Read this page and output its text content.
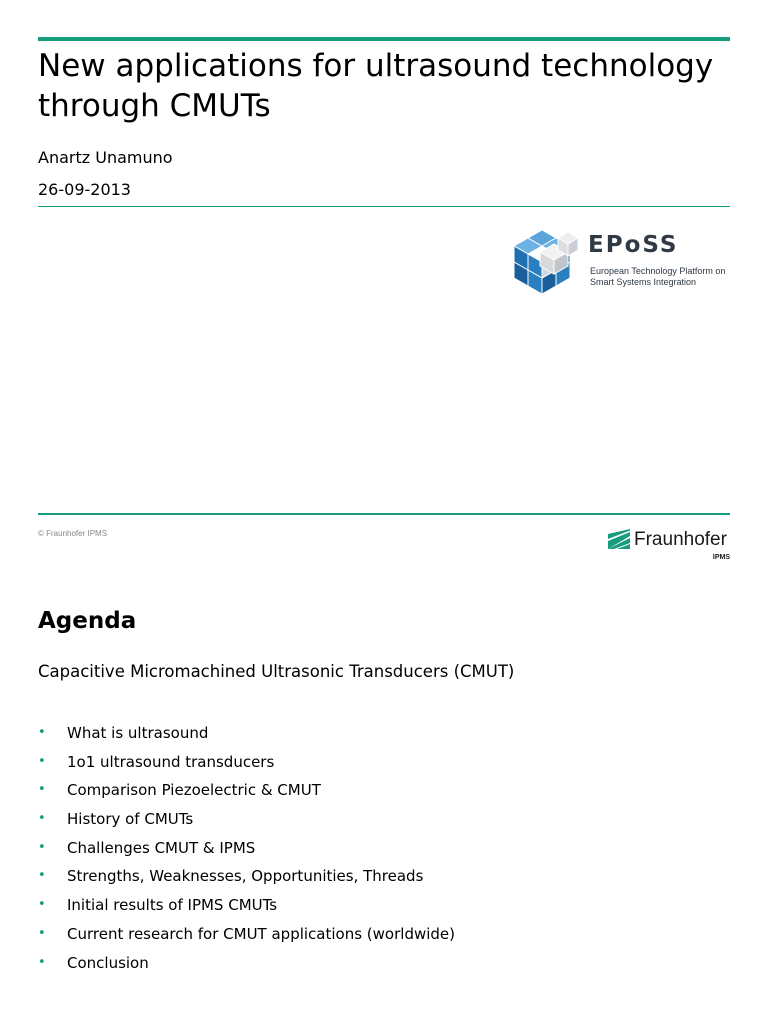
New applications for ultrasound technology through CMUTs
Anartz Unamuno
26-09-2013
EPoSS
European Technology Platform on Smart Systems Integration
© Fraunhofer IPMS	Fraunhofer
IPMS
Agenda
Capacitive Micromachined Ultrasonic Transducers (CMUT)
• What is ultrasound
• 1o1 ultrasound transducers
• Comparison Piezoelectric & CMUT
• History of CMUTs
• Challenges CMUT & IPMS
• Strengths, Weaknesses, Opportunities, Threads
• Initial results of IPMS CMUTs
• Current research for CMUT applications (worldwide)
• Conclusion
